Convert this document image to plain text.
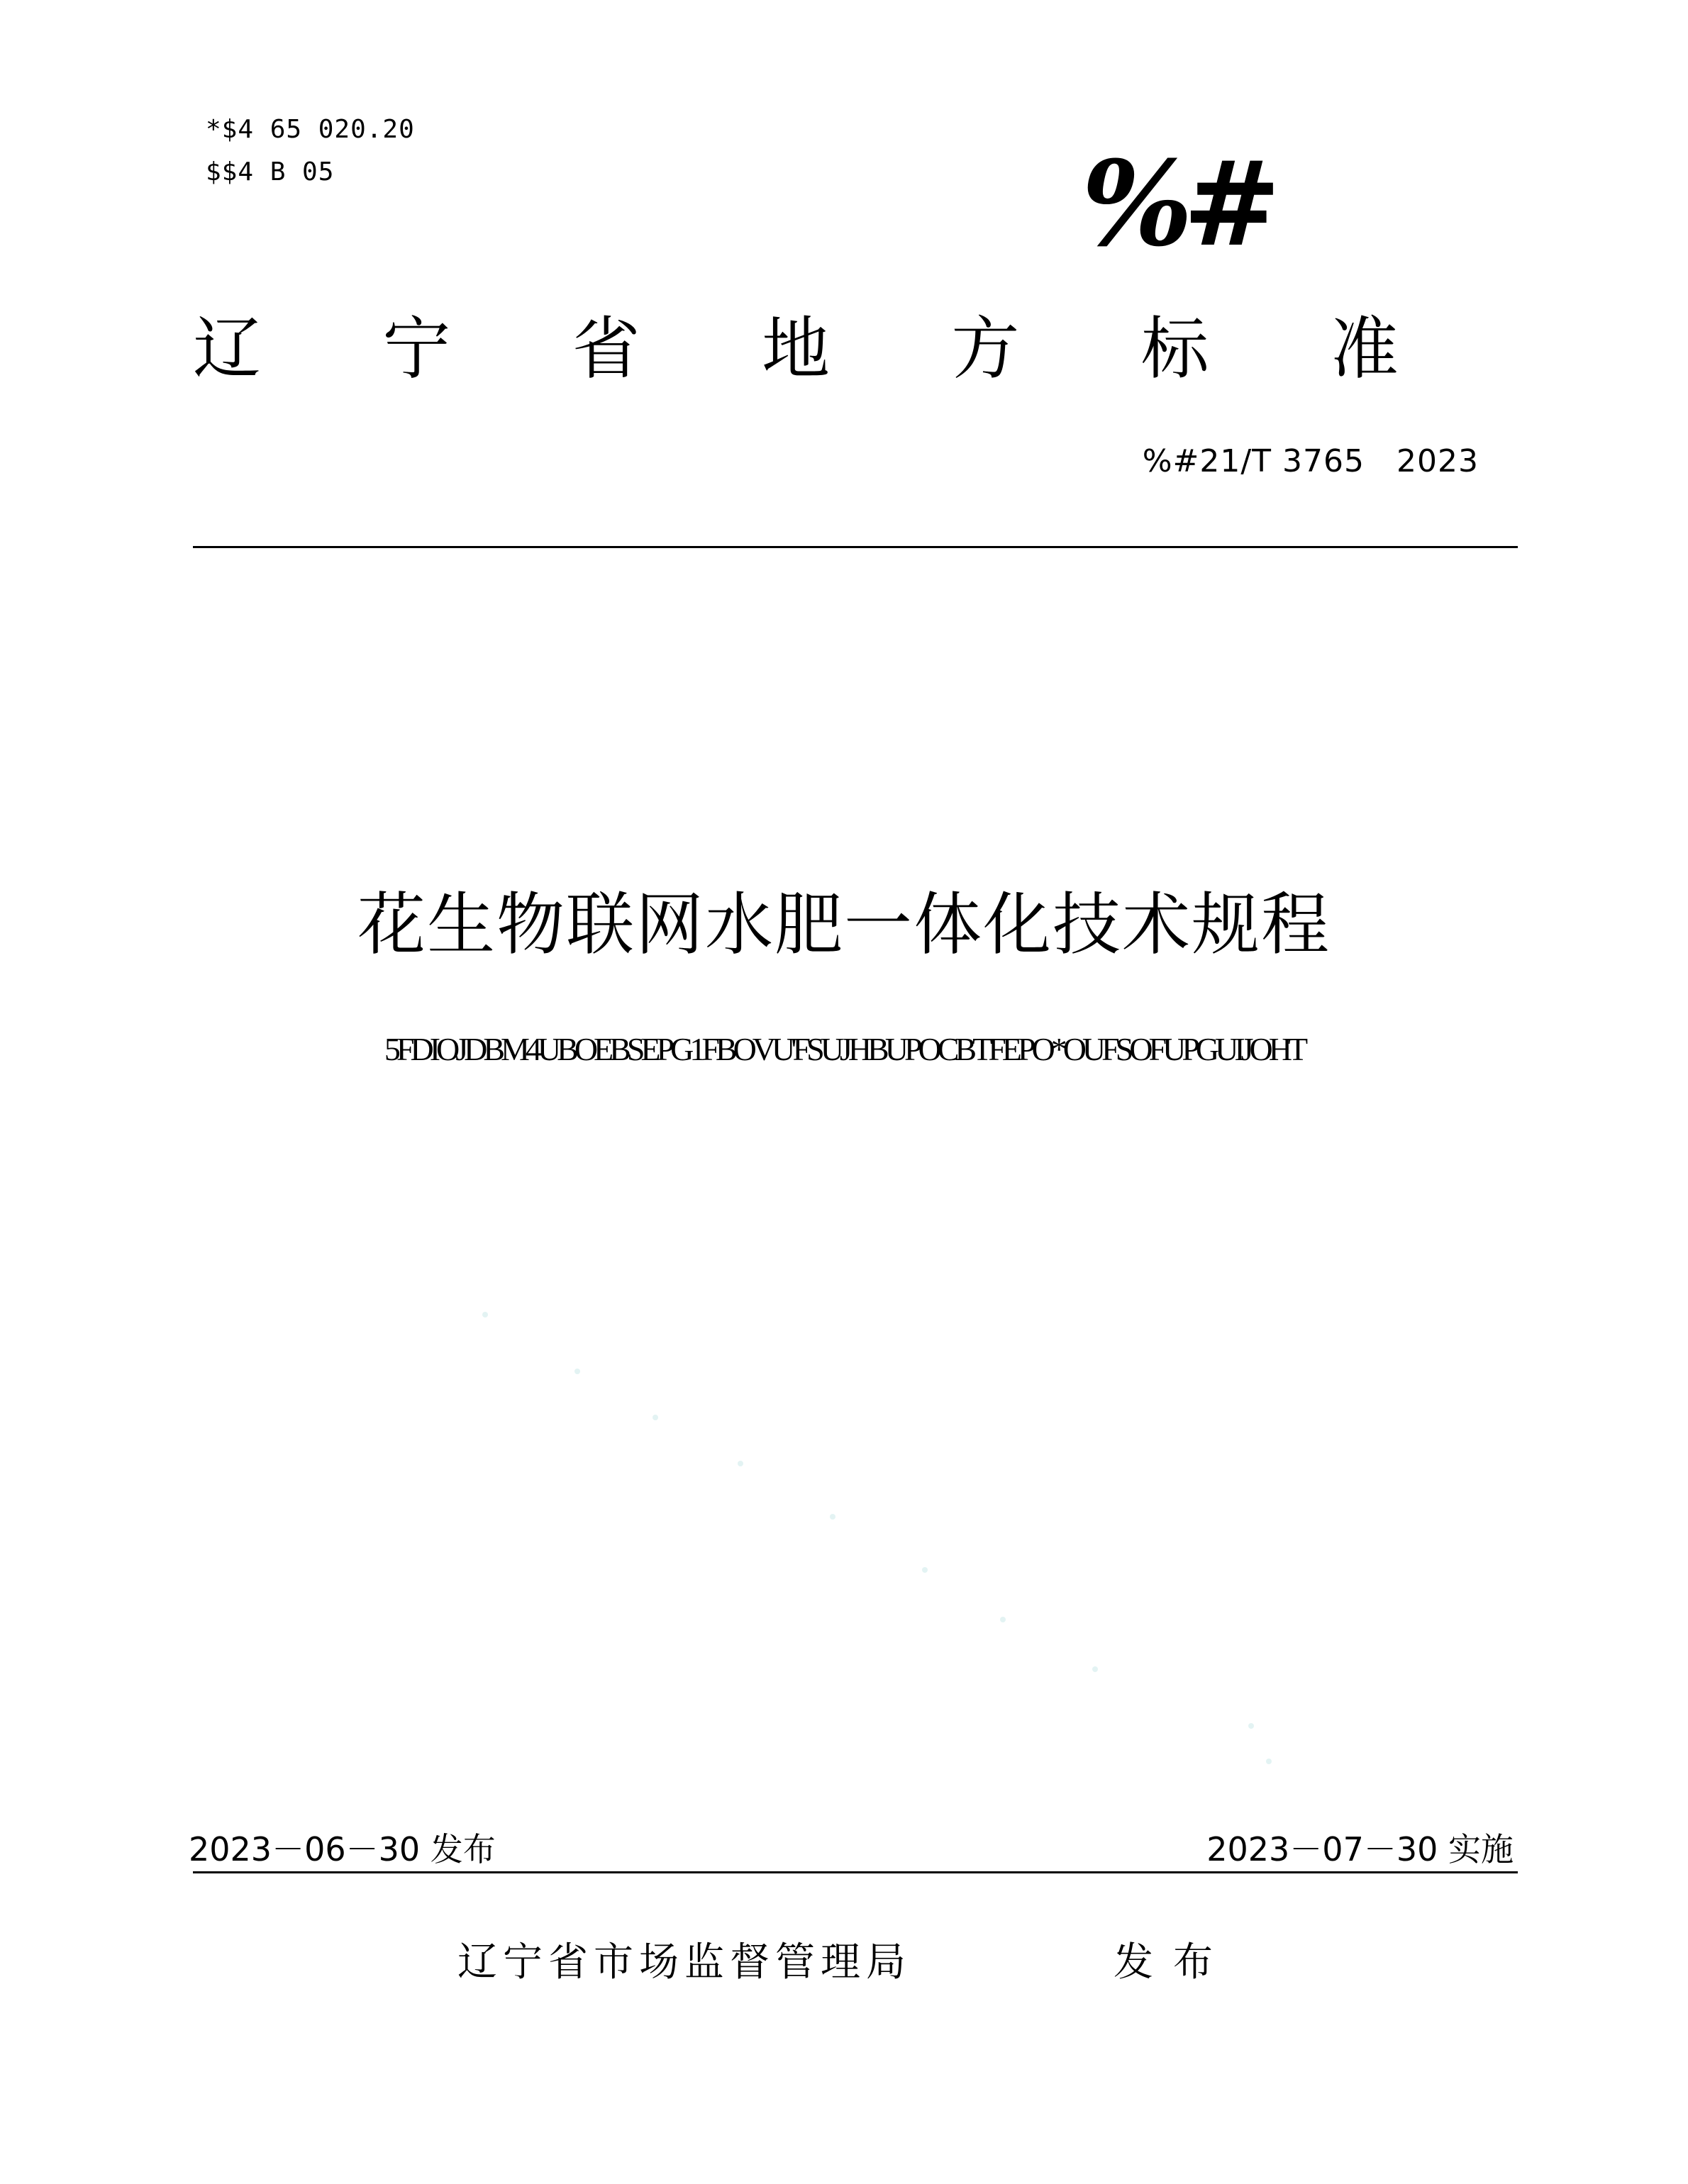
*$4 65 020.20
$$4 B 05	%#
辽 宁 省 地 方 标 准
%#21/T 3765 2023
花生物联网水肥一体化技术规程
5FDIOJDBM4UBOEBSEPG1FBOVU'FSUJHBUPOCBTFEPO*OUFSOFUPGUIJOHT
2023－06－30 发布	2023－07－30 实施
辽宁省市场监督管理局	发布
